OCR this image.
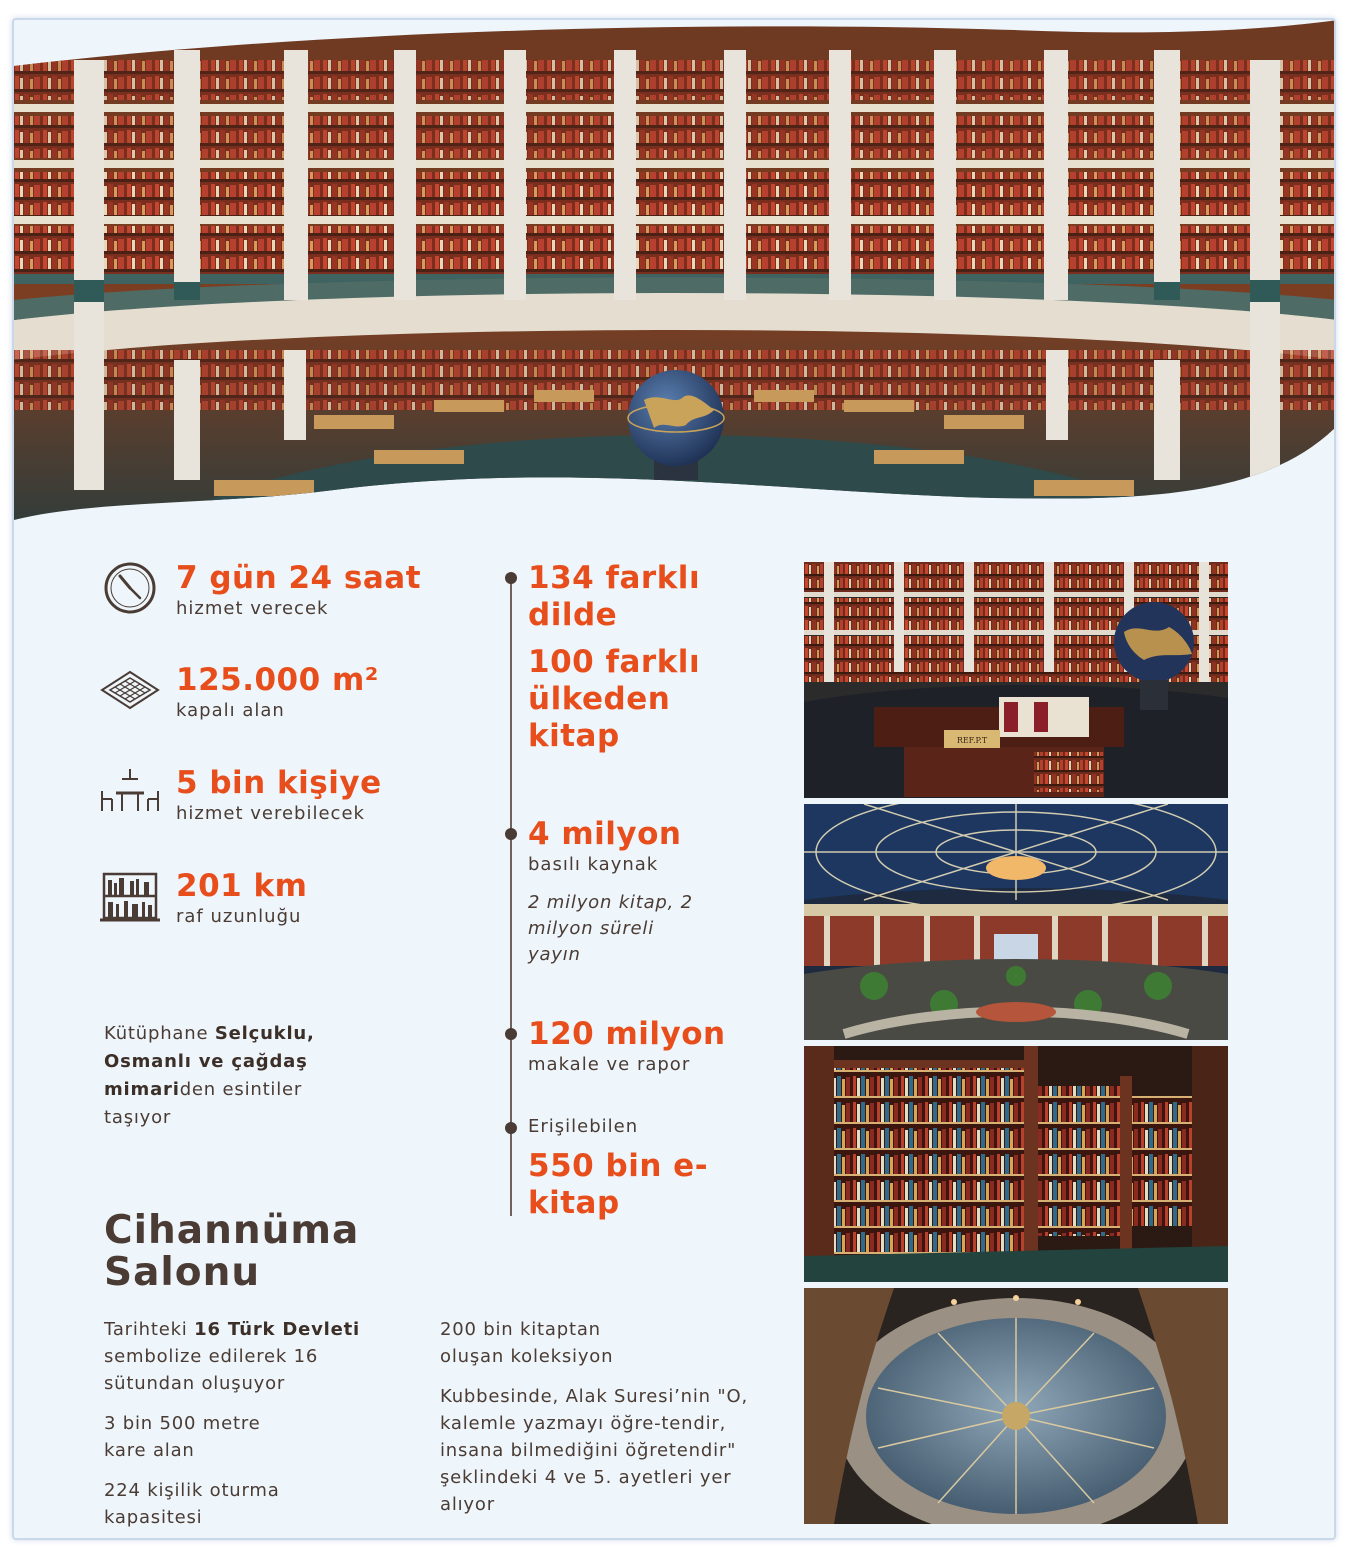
7 gün 24 saat
hizmet verecek
125.000 m²
kapalı alan
5 bin kişiye
hizmet verebilecek
201 km
raf uzunluğu
Kütüphane Selçuklu, Osmanlı ve çağdaş mimariden esintiler taşıyor
Cihannüma Salonu
Tarihteki 16 Türk Devleti sembolize edilerek 16 sütundan oluşuyor
3 bin 500 metre kare alan
224 kişilik oturma kapasitesi
200 bin kitaptan oluşan koleksiyon
Kubbesinde, Alak Suresi’nin "O, kalemle yazmayı öğre-tendir, insana bilmediğini öğretendir" şeklindeki 4 ve 5. ayetleri yer alıyor
134 farklı dilde
100 farklı ülkeden kitap
4 milyon
basılı kaynak
2 milyon kitap, 2 milyon süreli yayın
120 milyon
makale ve rapor
Erişilebilen
550 bin e-kitap
REF.P.T
